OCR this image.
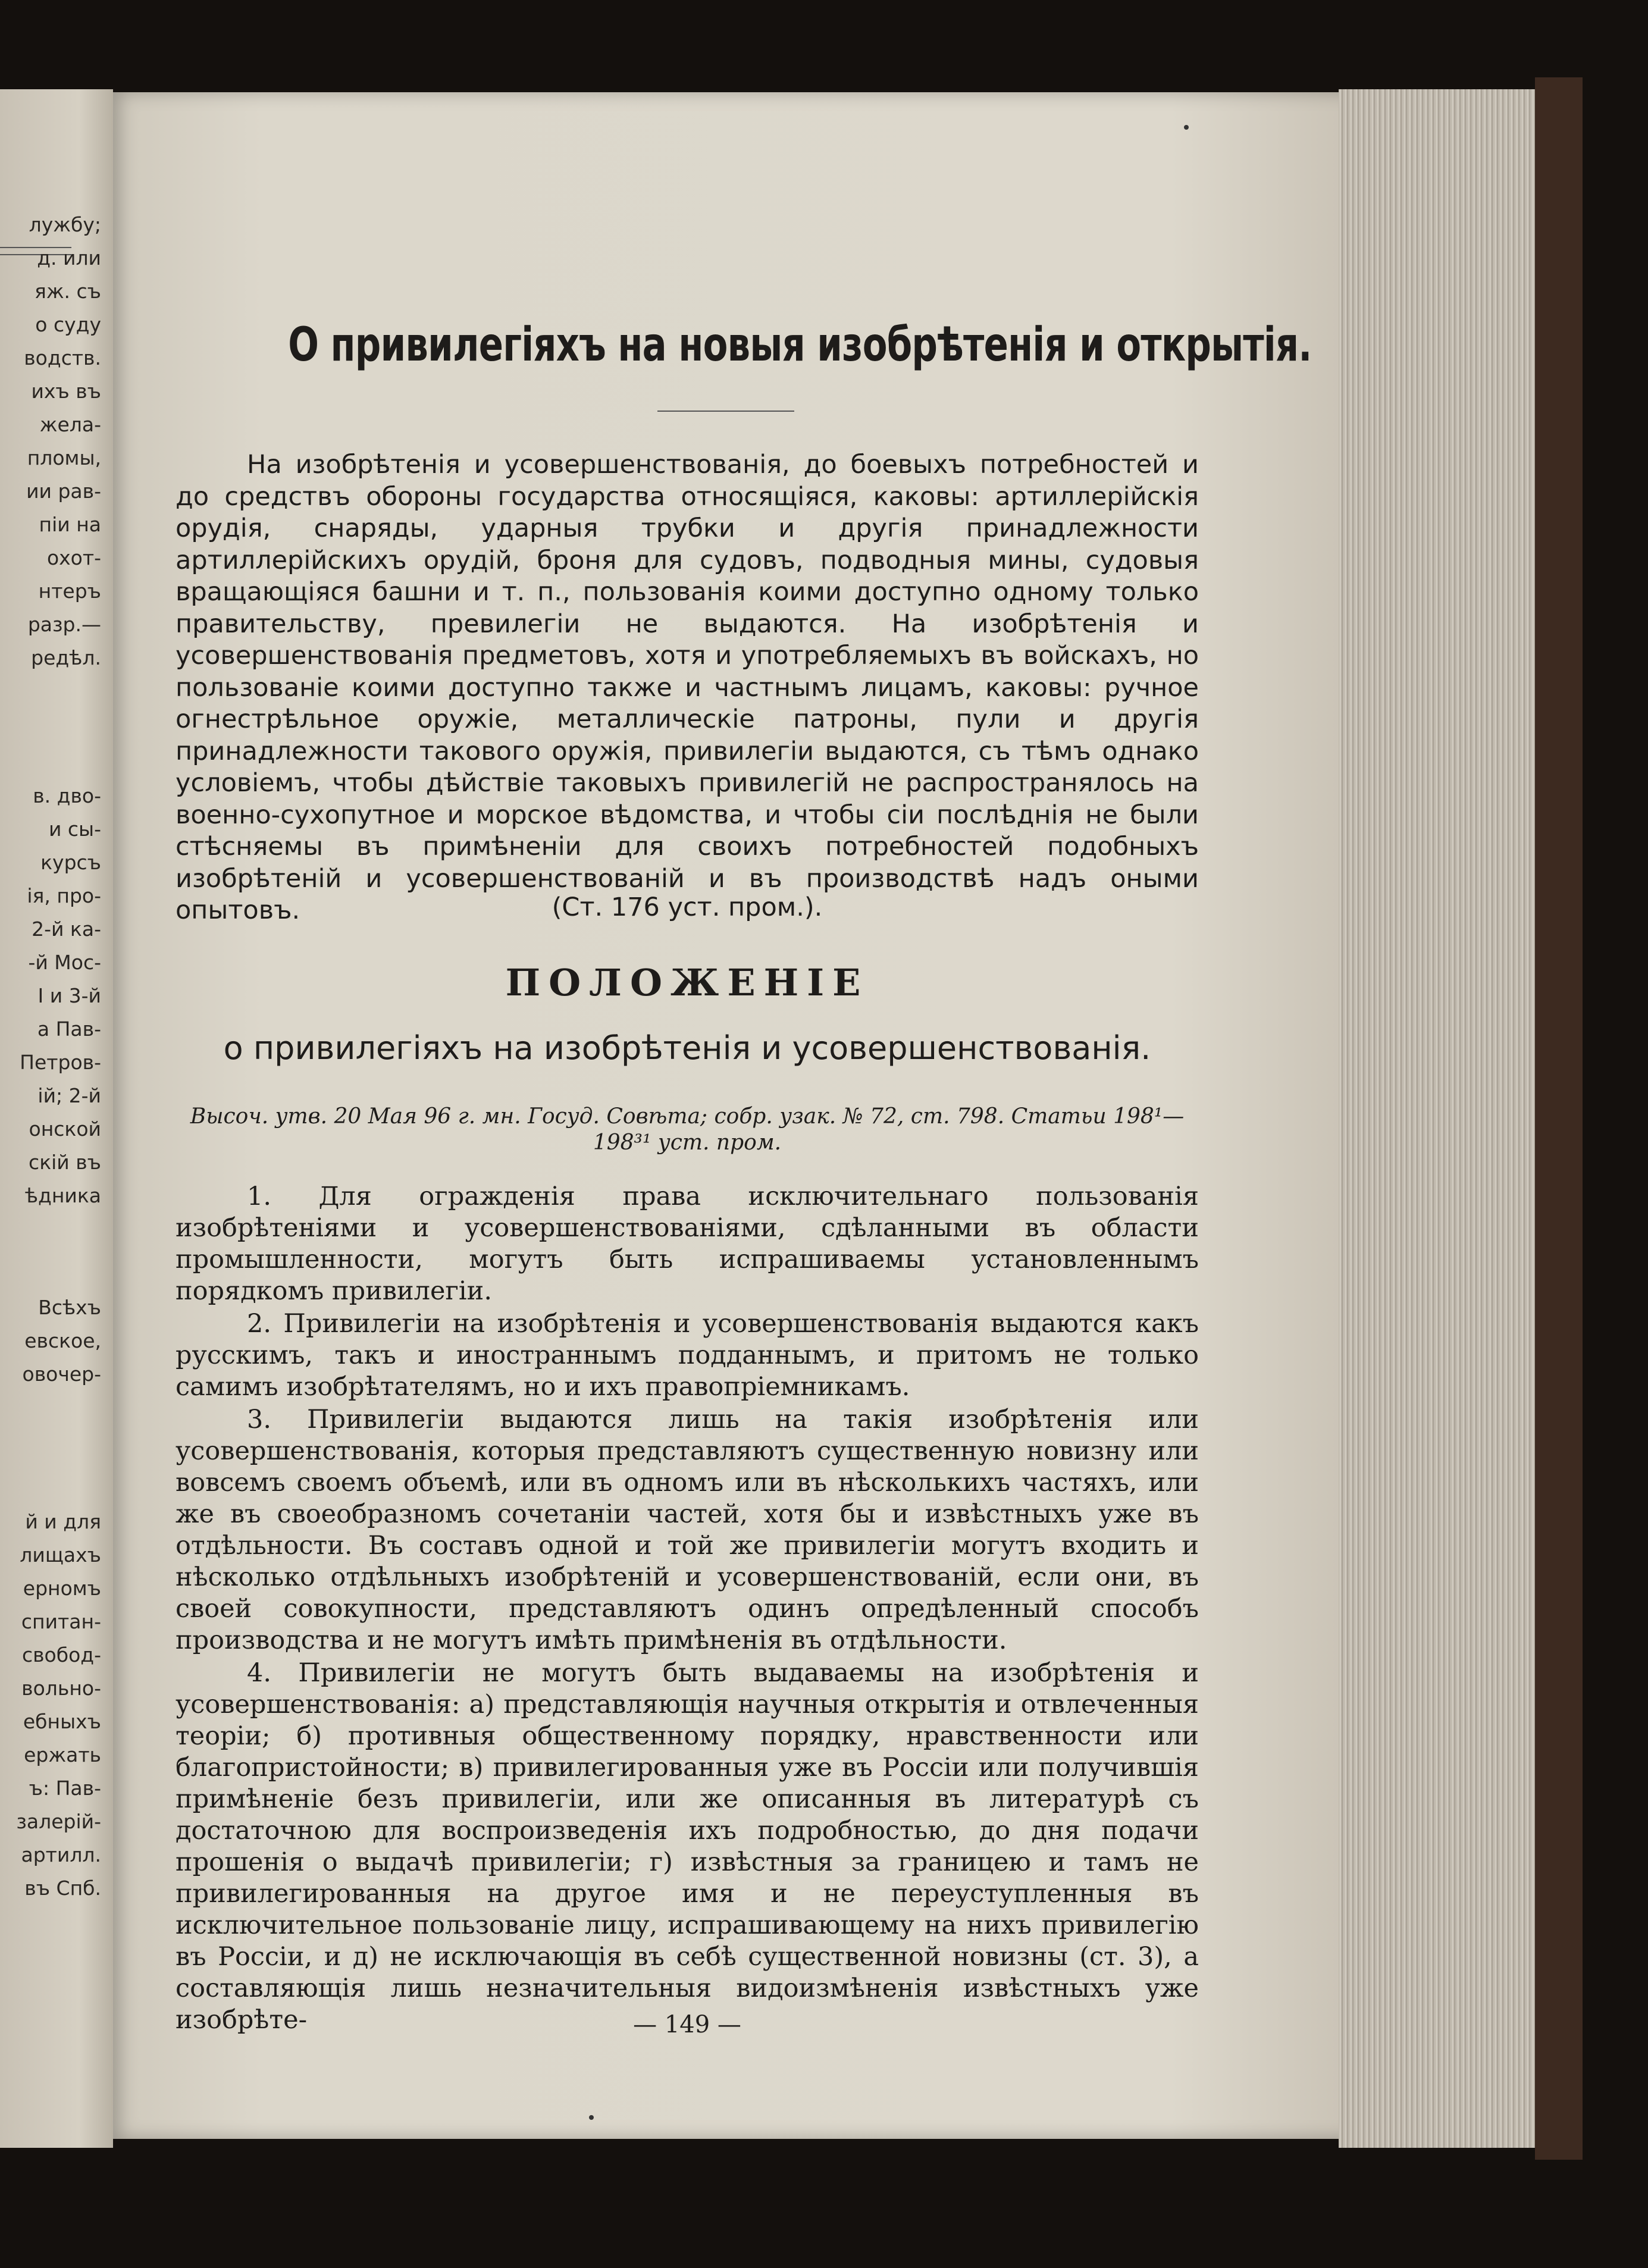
лужбу;
д. или
яж. съ
о суду
водств.
ихъ въ
жела-
пломы,
ии рав-
піи на
охот-
нтеръ
разр.—
редѣл.
в. дво-
и сы-
курсъ
ія, про-
2-й ка-
-й Мос-
I и 3-й
а Пав-
Петров-
ій; 2-й
онской
скій въ
ѣдника
Всѣхъ
евское,
овочер-
й и для
лищахъ
ерномъ
спитан-
свобод-
вольно-
ебныхъ
ержать
ъ: Пав-
залерій-
артилл.
въ Спб.
О привилегіяхъ на новыя изобрѣтенія и открытія.

На изобрѣтенія и усовершенствованія, до боевыхъ потребностей и до средствъ обороны государства относящіяся, каковы: артиллерійскія орудія, снаряды, ударныя трубки и другія принадлежности артиллерійскихъ орудій, броня для судовъ, подводныя мины, судовыя вращающіяся башни и т. п., пользованія коими доступно одному только правительству, превилегіи не выдаются. На изобрѣтенія и усовершенствованія предметовъ, хотя и употребляемыхъ въ войскахъ, но пользованіе коими доступно также и частнымъ лицамъ, каковы: ручное огнестрѣльное оружіе, металлическіе патроны, пули и другія принадлежности такового оружія, привилегіи выдаются, съ тѣмъ однако условіемъ, чтобы дѣйствіе таковыхъ привилегій не распространялось на военно-сухопутное и морское вѣдомства, и чтобы сіи послѣднія не были стѣсняемы въ примѣненіи для своихъ потребностей подобныхъ изобрѣтеній и усовершенствованій и въ производствѣ надъ оными опытовъ.	(Ст. 176 уст. пром.).
ПОЛОЖЕНІЕ
о привилегіяхъ на изобрѣтенія и усовершенствованія.
Высоч. утв. 20 Мая 96 г. мн. Госуд. Совѣта; собр. узак. № 72, ст. 798. Статьи 198¹—198³¹ уст. пром.

1. Для огражденія права исключительнаго пользованія изобрѣтеніями и усовершенствованіями, сдѣланными въ области промышленности, могутъ быть испрашиваемы установленнымъ порядкомъ привилегіи.

2. Привилегіи на изобрѣтенія и усовершенствованія выдаются какъ русскимъ, такъ и иностраннымъ подданнымъ, и притомъ не только самимъ изобрѣтателямъ, но и ихъ правопріемникамъ.

3. Привилегіи выдаются лишь на такія изобрѣтенія или усовершенствованія, которыя представляютъ существенную новизну или вовсемъ своемъ объемѣ, или въ одномъ или въ нѣсколькихъ частяхъ, или же въ своеобразномъ сочетаніи частей, хотя бы и извѣстныхъ уже въ отдѣльности. Въ составъ одной и той же привилегіи могутъ входить и нѣсколько отдѣльныхъ изобрѣтеній и усовершенствованій, если они, въ своей совокупности, представляютъ одинъ опредѣленный способъ производства и не могутъ имѣть примѣненія въ отдѣльности.

4. Привилегіи не могутъ быть выдаваемы на изобрѣтенія и усовершенствованія: а) представляющія научныя открытія и отвлеченныя теоріи; б) противныя общественному порядку, нравственности или благопристойности; в) привилегированныя уже въ Россіи или получившія примѣненіе безъ привилегіи, или же описанныя въ литературѣ съ достаточною для воспроизведенія ихъ подробностью, до дня подачи прошенія о выдачѣ привилегіи; г) извѣстныя за границею и тамъ не привилегированныя на другое имя и не переуступленныя въ исключительное пользованіе лицу, испрашивающему на нихъ привилегію въ Россіи, и д) не исключающія въ себѣ существенной новизны (ст. 3), а составляющія лишь незначительныя видоизмѣненія извѣстныхъ уже изобрѣте-	— 149 —
